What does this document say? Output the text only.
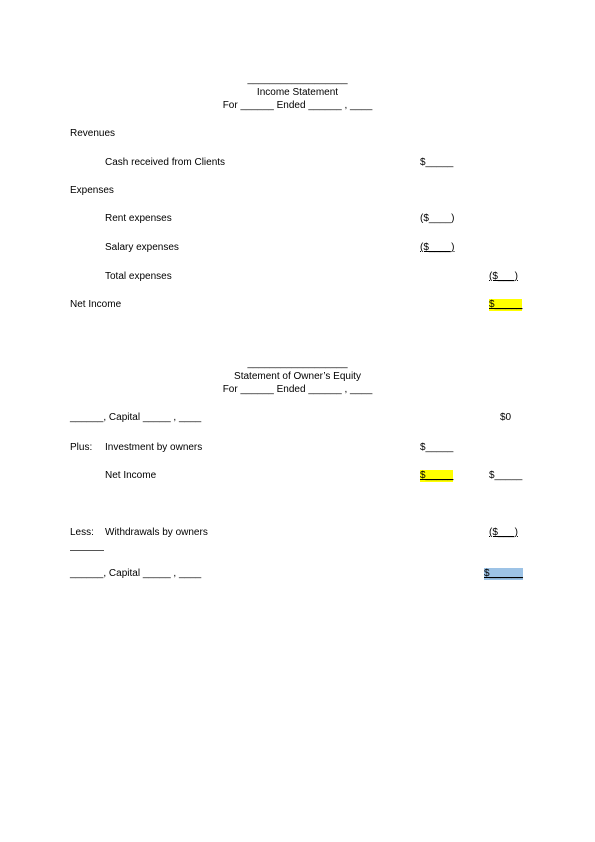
__________________
Income Statement
For ______ Ended ______ , ____
Revenues
Cash received from Clients	$_____
Expenses
Rent expenses	($____)
Salary expenses	($____)
Total expenses	($___)
Net Income	$_____
__________________
Statement of Owner’s Equity
For ______ Ended ______ , ____
______, Capital _____ , ____	$0
Plus: Investment by owners	$_____
Net Income	$_____	$_____
Less: Withdrawals by owners	($___)
______, Capital _____ , ____	$______
